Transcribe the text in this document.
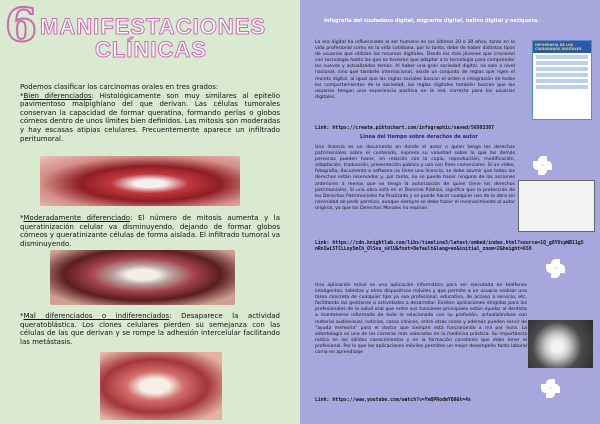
6 MANIFESTACIONES
CLÍNICAS
Podemos clasificar los carcinomas orales en tres grados:
*Bien diferenciados: Histológicamente son muy similares al epitelio pavimentoso malpighiano del que derivan. Las células tumorales conservan la capacidad de formar queratina, formando perlas o globos córneos dentro de unos límites bien definidos. Las mitosis son moderadas y hay escasas atipias celulares. Frecuentemente aparece un infiltrado peritumoral.
*Moderadamente diferenciado: El número de mitosis aumenta y la queratinización celular va disminuyendo, dejando de formar globos córneos y queratinizante células de forma aislada. El infiltrado tumoral va disminuyendo.
*Mal diferenciados o indiferenciados: Desaparece la actividad queratoblástica. Los clones celulares pierden su semejanza con las células de las que derivan y se rompe la adhesión intercelular facilitando las metástasis.
Infografía del ciudadano digital, migrante digital, nativo digital y netiqueta.
La era digital ha influenciado al ser humano en los últimos 20 o 30 años, tanto en la vida profesional como en la vida cotidiana, por lo tanto, debe de haber distintos tipos de usuarios que utilizan los recursos digitales. Desde los más jóvenes que crecieron con tecnología hasta los que se tuvieron que adaptar a la tecnología para comprender los nuevos y actualizados temas. Al haber una gran sociedad digital, no solo a nivel nacional, sino que también internacional, existe un conjunto de reglas que rigen el mundo digital, al igual que las reglas sociales buscan el orden e integración de todos los comportamientos de la sociedad, las reglas digitales también buscan que los usuarios tengan una experiencia positiva en la red, correcta para los usuarios digitales.
INFOGRAFÍA DE LOS CIUDADANOS DIGITALES
Link: https://create.piktochart.com/infographic/saved/56993307
Línea del tiempo sobre derechos de autor
Una licencia es un documento en donde el autor o quien tenga los derechos patrimoniales sobre el contenido, expresa su voluntad sobre lo que las demás personas pueden hacer, en relación con la copia, reproducción, modificación, adaptación, traducción, presentación pública y uso con fines comerciales. Si un video, fotografía, documento o software no tiene una licencia, se debe asumir que todos los derechos están reservados y, por tanto, no se puede hacer ninguna de las acciones anteriores a menos que se tenga la autorización de quien tiene los derechos patrimoniales. Si una obra está en el Dominio Público, significa que la protección de los Derechos Patrimoniales ha finalizado y se puede hacer cualquier uso de la obra sin necesidad de pedir permiso, aunque siempre se debe hacer el reconocimiento al autor original, ya que los Derechos Morales no expiran.
Link: https://cdn.knightlab.com/libs/timeline3/latest/embed/index.html?source=1Q_g8YVcpWB11g5nRnIwL5TCLLoy5mCh_OlSvu_sklU&font=Default&lang=en&initial_zoom=2&height=650
Una aplicación móvil es una aplicación informática para ser ejecutada en teléfonos inteligentes, tabletas y otros dispositivos móviles y que permite a un usuario realizar una tarea concreta de cualquier tipo ya sea profesional, educativa, de acceso a servicio, etc, facilitando las gestiones o actividades a desarrollar. Existen aplicaciones dirigidas para los profesionales de la salud oral que entre sus funciones principales están ayudar al dentista a mantenerse informado de todo lo relacionado con su profesión, actualizándose con material audiovisual, noticias, casos clínicos, entre otras cosas y además pueden servir de "ayuda memoria" para el doctor que siempre está funcionando a mil por hora. La odontología es una de las carreras más valoradas en la medicina práctica. Su importancia radica en los sólidos conocimientos y en la formación constante que debe tener el profesional. Por lo que las aplicaciones móviles permiten un mejor desempeño tanto laboral como en aprendizaje
Link: https://www.youtube.com/watch?v=YmQPRodmYQ0&t=4s
